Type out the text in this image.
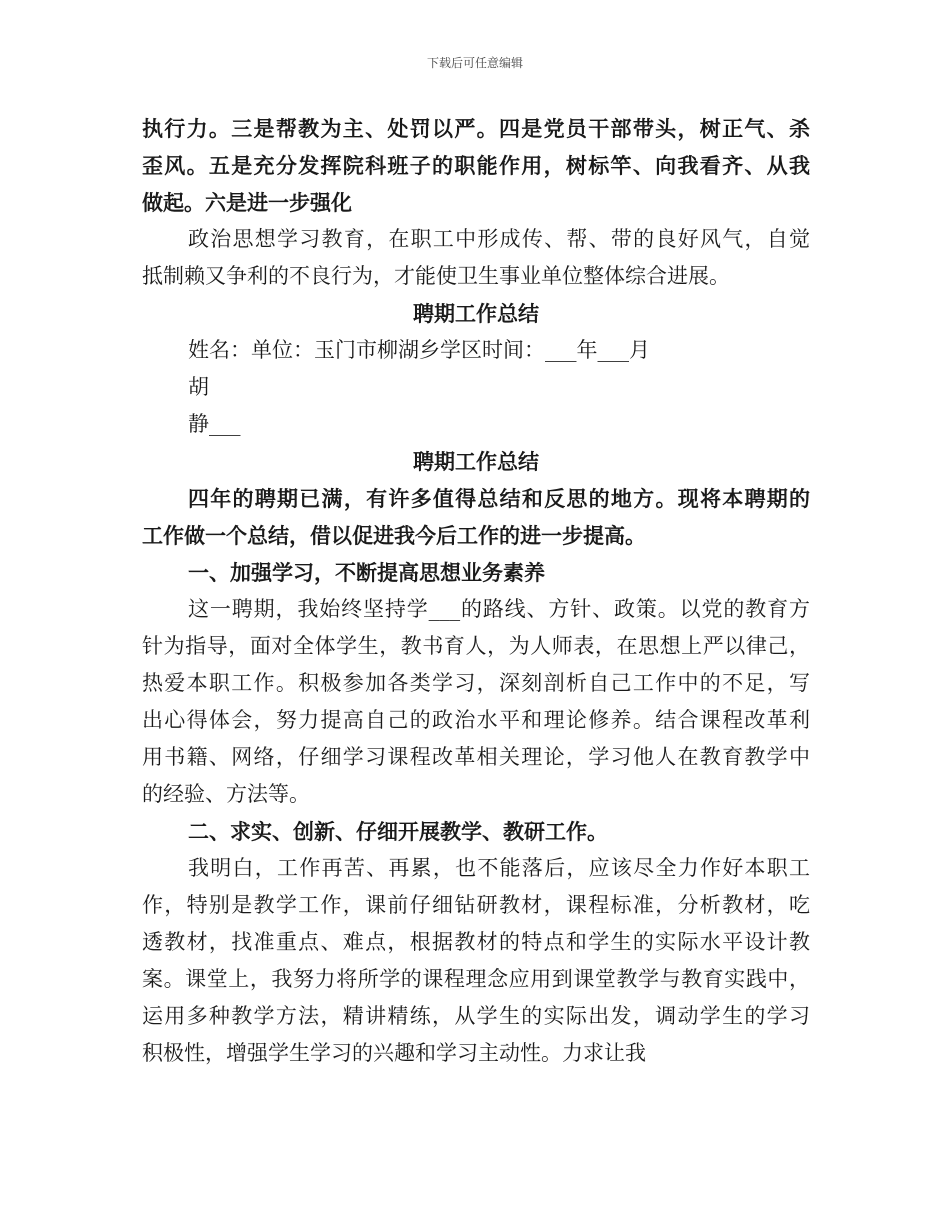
下载后可任意编辑
执行力。三是帮教为主、处罚以严。四是党员干部带头，树正气、杀
歪风。五是充分发挥院科班子的职能作用，树标竿、向我看齐、从我
做起。六是进一步强化
政治思想学习教育，在职工中形成传、帮、带的良好风气，自觉
抵制赖又争利的不良行为，才能使卫生事业单位整体综合进展。
聘期工作总结
姓名：单位：玉门市柳湖乡学区时间：___年___月
胡
静___
聘期工作总结
四年的聘期已满，有许多值得总结和反思的地方。现将本聘期的
工作做一个总结，借以促进我今后工作的进一步提高。
一、加强学习，不断提高思想业务素养
这一聘期，我始终坚持学___的路线、方针、政策。以党的教育方
针为指导，面对全体学生，教书育人，为人师表，在思想上严以律己，
热爱本职工作。积极参加各类学习，深刻剖析自己工作中的不足，写
出心得体会，努力提高自己的政治水平和理论修养。结合课程改革利
用书籍、网络，仔细学习课程改革相关理论，学习他人在教育教学中
的经验、方法等。
二、求实、创新、仔细开展教学、教研工作。
我明白，工作再苦、再累，也不能落后，应该尽全力作好本职工
作，特别是教学工作，课前仔细钻研教材，课程标准，分析教材，吃
透教材，找准重点、难点，根据教材的特点和学生的实际水平设计教
案。课堂上，我努力将所学的课程理念应用到课堂教学与教育实践中，
运用多种教学方法，精讲精练，从学生的实际出发，调动学生的学习
积极性，增强学生学习的兴趣和学习主动性。力求让我
